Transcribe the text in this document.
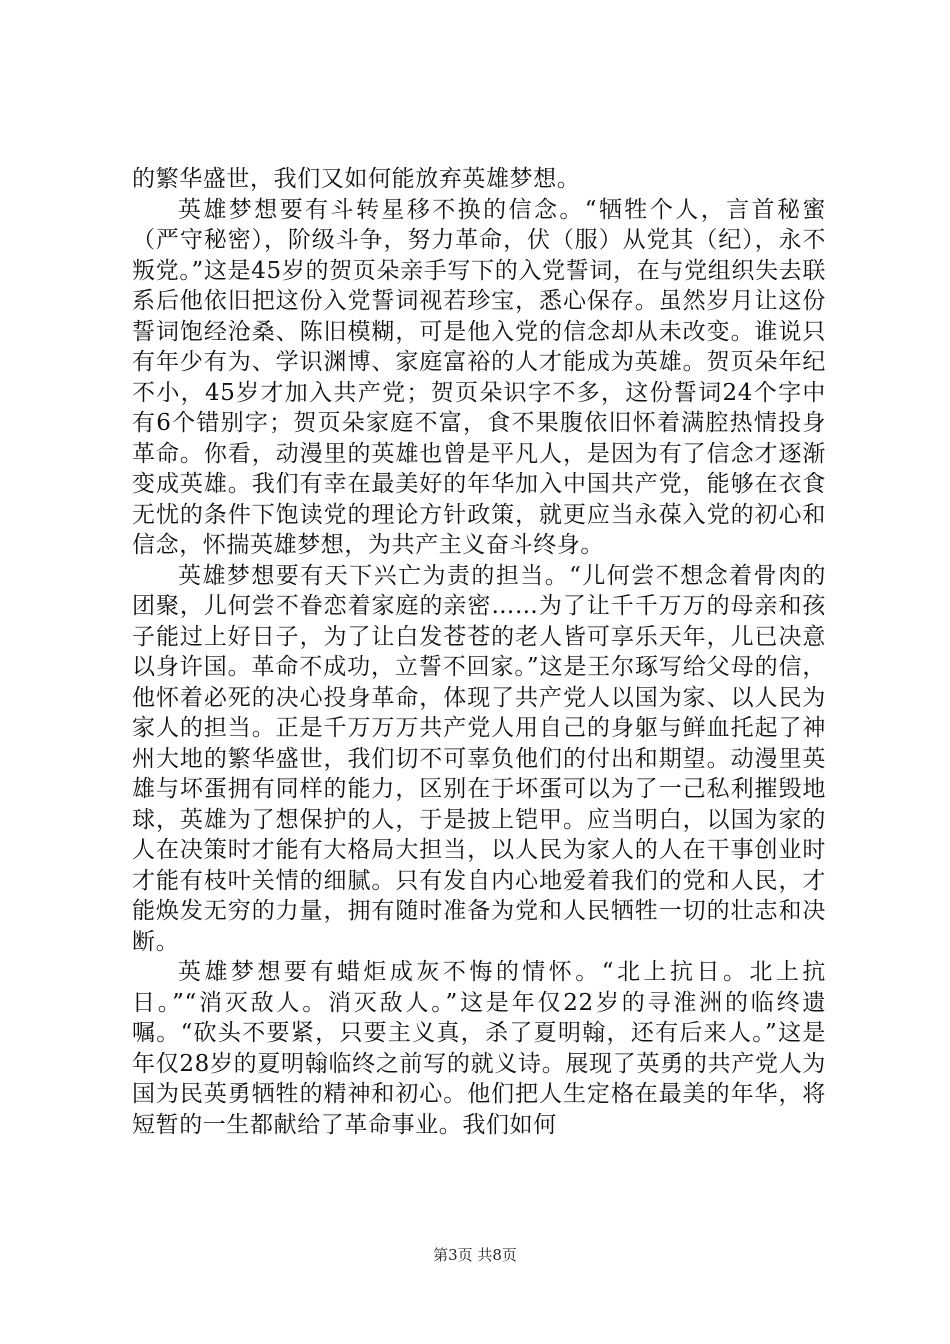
的繁华盛世，我们又如何能放弃英雄梦想。

英雄梦想要有斗转星移不换的信念。“牺牲个人，言首秘蜜（严守秘密），阶级斗争，努力革命，伏（服）从党其（纪），永不叛党。”这是45岁的贺页朵亲手写下的入党誓词，在与党组织失去联系后他依旧把这份入党誓词视若珍宝，悉心保存。虽然岁月让这份誓词饱经沧桑、陈旧模糊，可是他入党的信念却从未改变。谁说只有年少有为、学识渊博、家庭富裕的人才能成为英雄。贺页朵年纪不小，45岁才加入共产党；贺页朵识字不多，这份誓词24个字中有6个错别字；贺页朵家庭不富，食不果腹依旧怀着满腔热情投身革命。你看，动漫里的英雄也曾是平凡人，是因为有了信念才逐渐变成英雄。我们有幸在最美好的年华加入中国共产党，能够在衣食无忧的条件下饱读党的理论方针政策，就更应当永葆入党的初心和信念，怀揣英雄梦想，为共产主义奋斗终身。

英雄梦想要有天下兴亡为责的担当。“儿何尝不想念着骨肉的团聚，儿何尝不眷恋着家庭的亲密……为了让千千万万的母亲和孩子能过上好日子，为了让白发苍苍的老人皆可享乐天年，儿已决意以身许国。革命不成功，立誓不回家。”这是王尔琢写给父母的信，他怀着必死的决心投身革命，体现了共产党人以国为家、以人民为家人的担当。正是千万万万共产党人用自己的身躯与鲜血托起了神州大地的繁华盛世，我们切不可辜负他们的付出和期望。动漫里英雄与坏蛋拥有同样的能力，区别在于坏蛋可以为了一己私利摧毁地球，英雄为了想保护的人，于是披上铠甲。应当明白，以国为家的人在决策时才能有大格局大担当，以人民为家人的人在干事创业时才能有枝叶关情的细腻。只有发自内心地爱着我们的党和人民，才能焕发无穷的力量，拥有随时准备为党和人民牺牲一切的壮志和决断。

英雄梦想要有蜡炬成灰不悔的情怀。“北上抗日。北上抗日。”“消灭敌人。消灭敌人。”这是年仅22岁的寻淮洲的临终遗嘱。“砍头不要紧，只要主义真，杀了夏明翰，还有后来人。”这是年仅28岁的夏明翰临终之前写的就义诗。展现了英勇的共产党人为国为民英勇牺牲的精神和初心。他们把人生定格在最美的年华，将短暂的一生都献给了革命事业。我们如何

第3页 共8页
